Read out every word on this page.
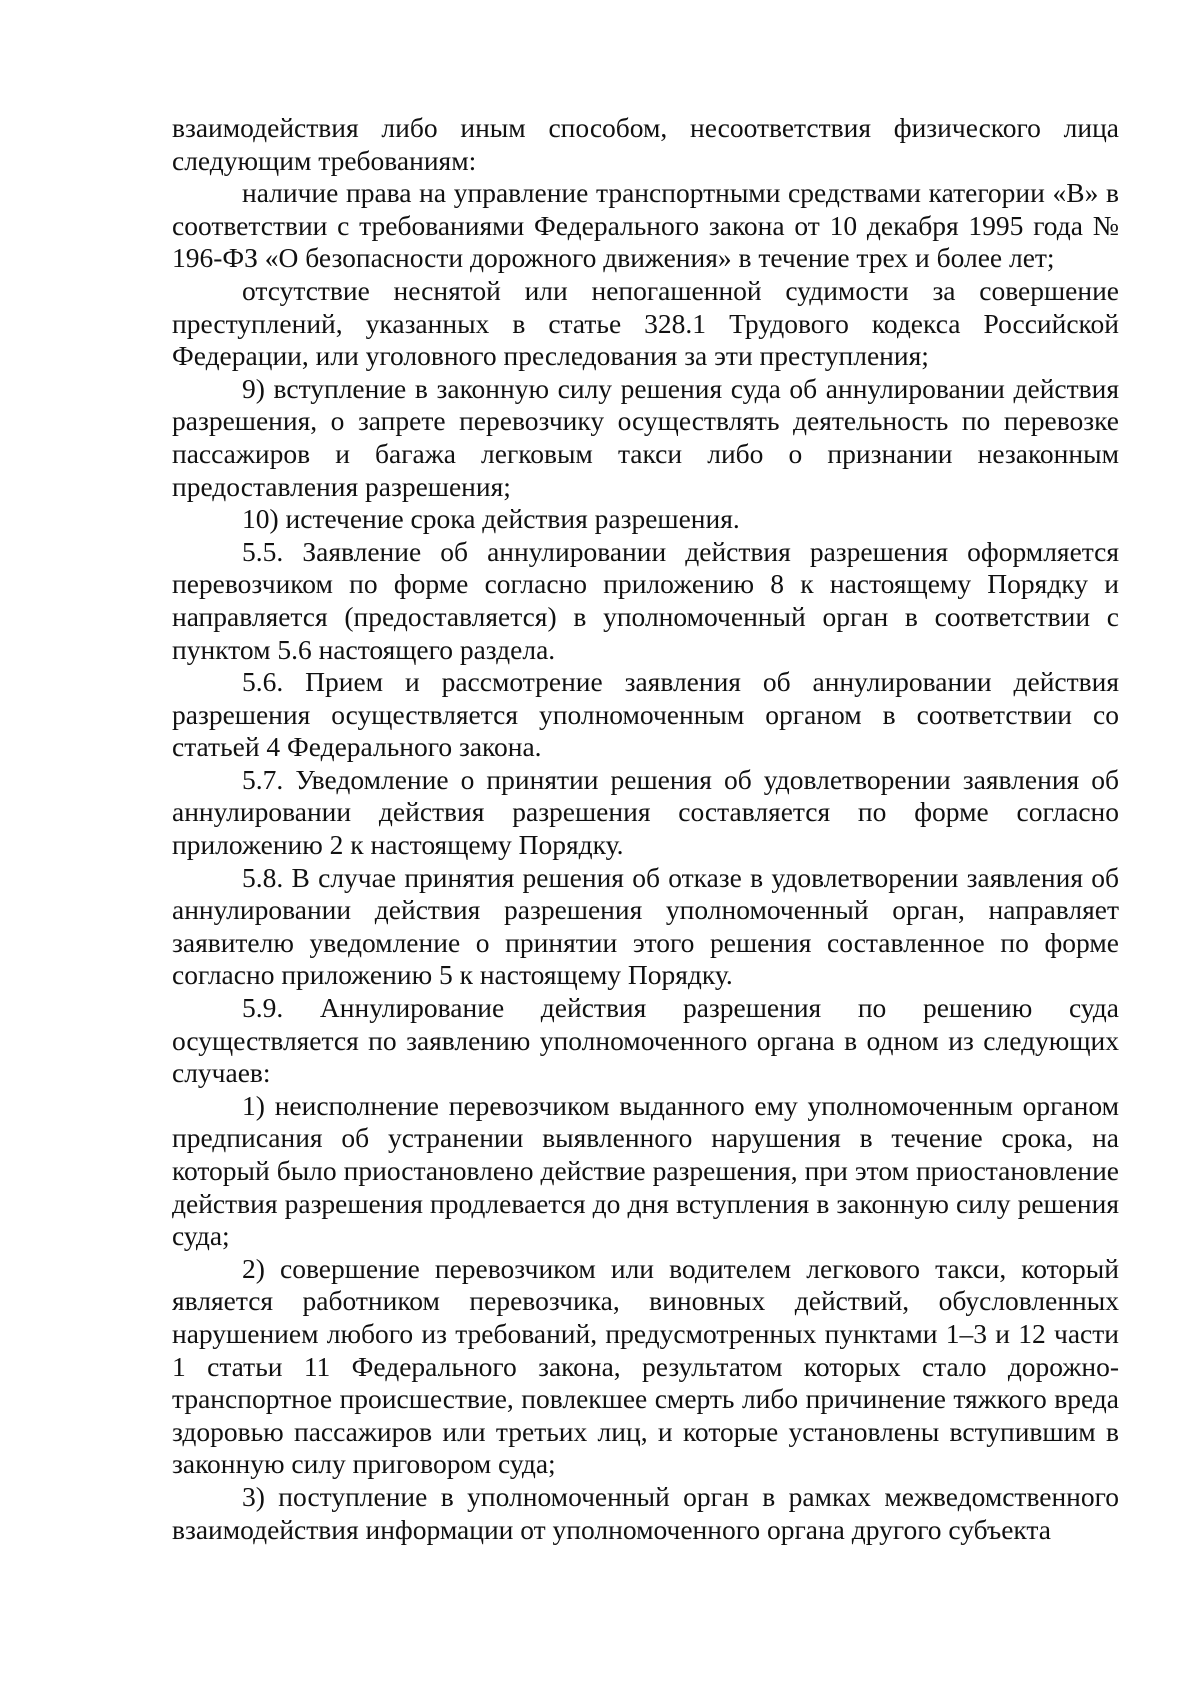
взаимодействия либо иным способом, несоответствия физического лица следующим требованиям:

наличие права на управление транспортными средствами категории «В» в соответствии с требованиями Федерального закона от 10 декабря 1995 года № 196-ФЗ «О безопасности дорожного движения» в течение трех и более лет;

отсутствие неснятой или непогашенной судимости за совершение преступлений, указанных в статье 328.1 Трудового кодекса Российской Федерации, или уголовного преследования за эти преступления;

9) вступление в законную силу решения суда об аннулировании действия разрешения, о запрете перевозчику осуществлять деятельность по перевозке пассажиров и багажа легковым такси либо о признании незаконным предоставления разрешения;

10) истечение срока действия разрешения.

5.5. Заявление об аннулировании действия разрешения оформляется перевозчиком по форме согласно приложению 8 к настоящему Порядку и направляется (предоставляется) в уполномоченный орган в соответствии с пунктом 5.6 настоящего раздела.

5.6. Прием и рассмотрение заявления об аннулировании действия разрешения осуществляется уполномоченным органом в соответствии со статьей 4 Федерального закона.

5.7. Уведомление о принятии решения об удовлетворении заявления об аннулировании действия разрешения составляется по форме согласно приложению 2 к настоящему Порядку.

5.8. В случае принятия решения об отказе в удовлетворении заявления об аннулировании действия разрешения уполномоченный орган, направляет заявителю уведомление о принятии этого решения составленное по форме согласно приложению 5 к настоящему Порядку.

5.9. Аннулирование действия разрешения по решению суда осуществляется по заявлению уполномоченного органа в одном из следующих случаев:

1) неисполнение перевозчиком выданного ему уполномоченным органом предписания об устранении выявленного нарушения в течение срока, на который было приостановлено действие разрешения, при этом приостановление действия разрешения продлевается до дня вступления в законную силу решения суда;

2) совершение перевозчиком или водителем легкового такси, который является работником перевозчика, виновных действий, обусловленных нарушением любого из требований, предусмотренных пунктами 1–3 и 12 части 1 статьи 11 Федерального закона, результатом которых стало дорожно-транспортное происшествие, повлекшее смерть либо причинение тяжкого вреда здоровью пассажиров или третьих лиц, и которые установлены вступившим в законную силу приговором суда;

3) поступление в уполномоченный орган в рамках межведомственного взаимодействия информации от уполномоченного органа другого субъекта
